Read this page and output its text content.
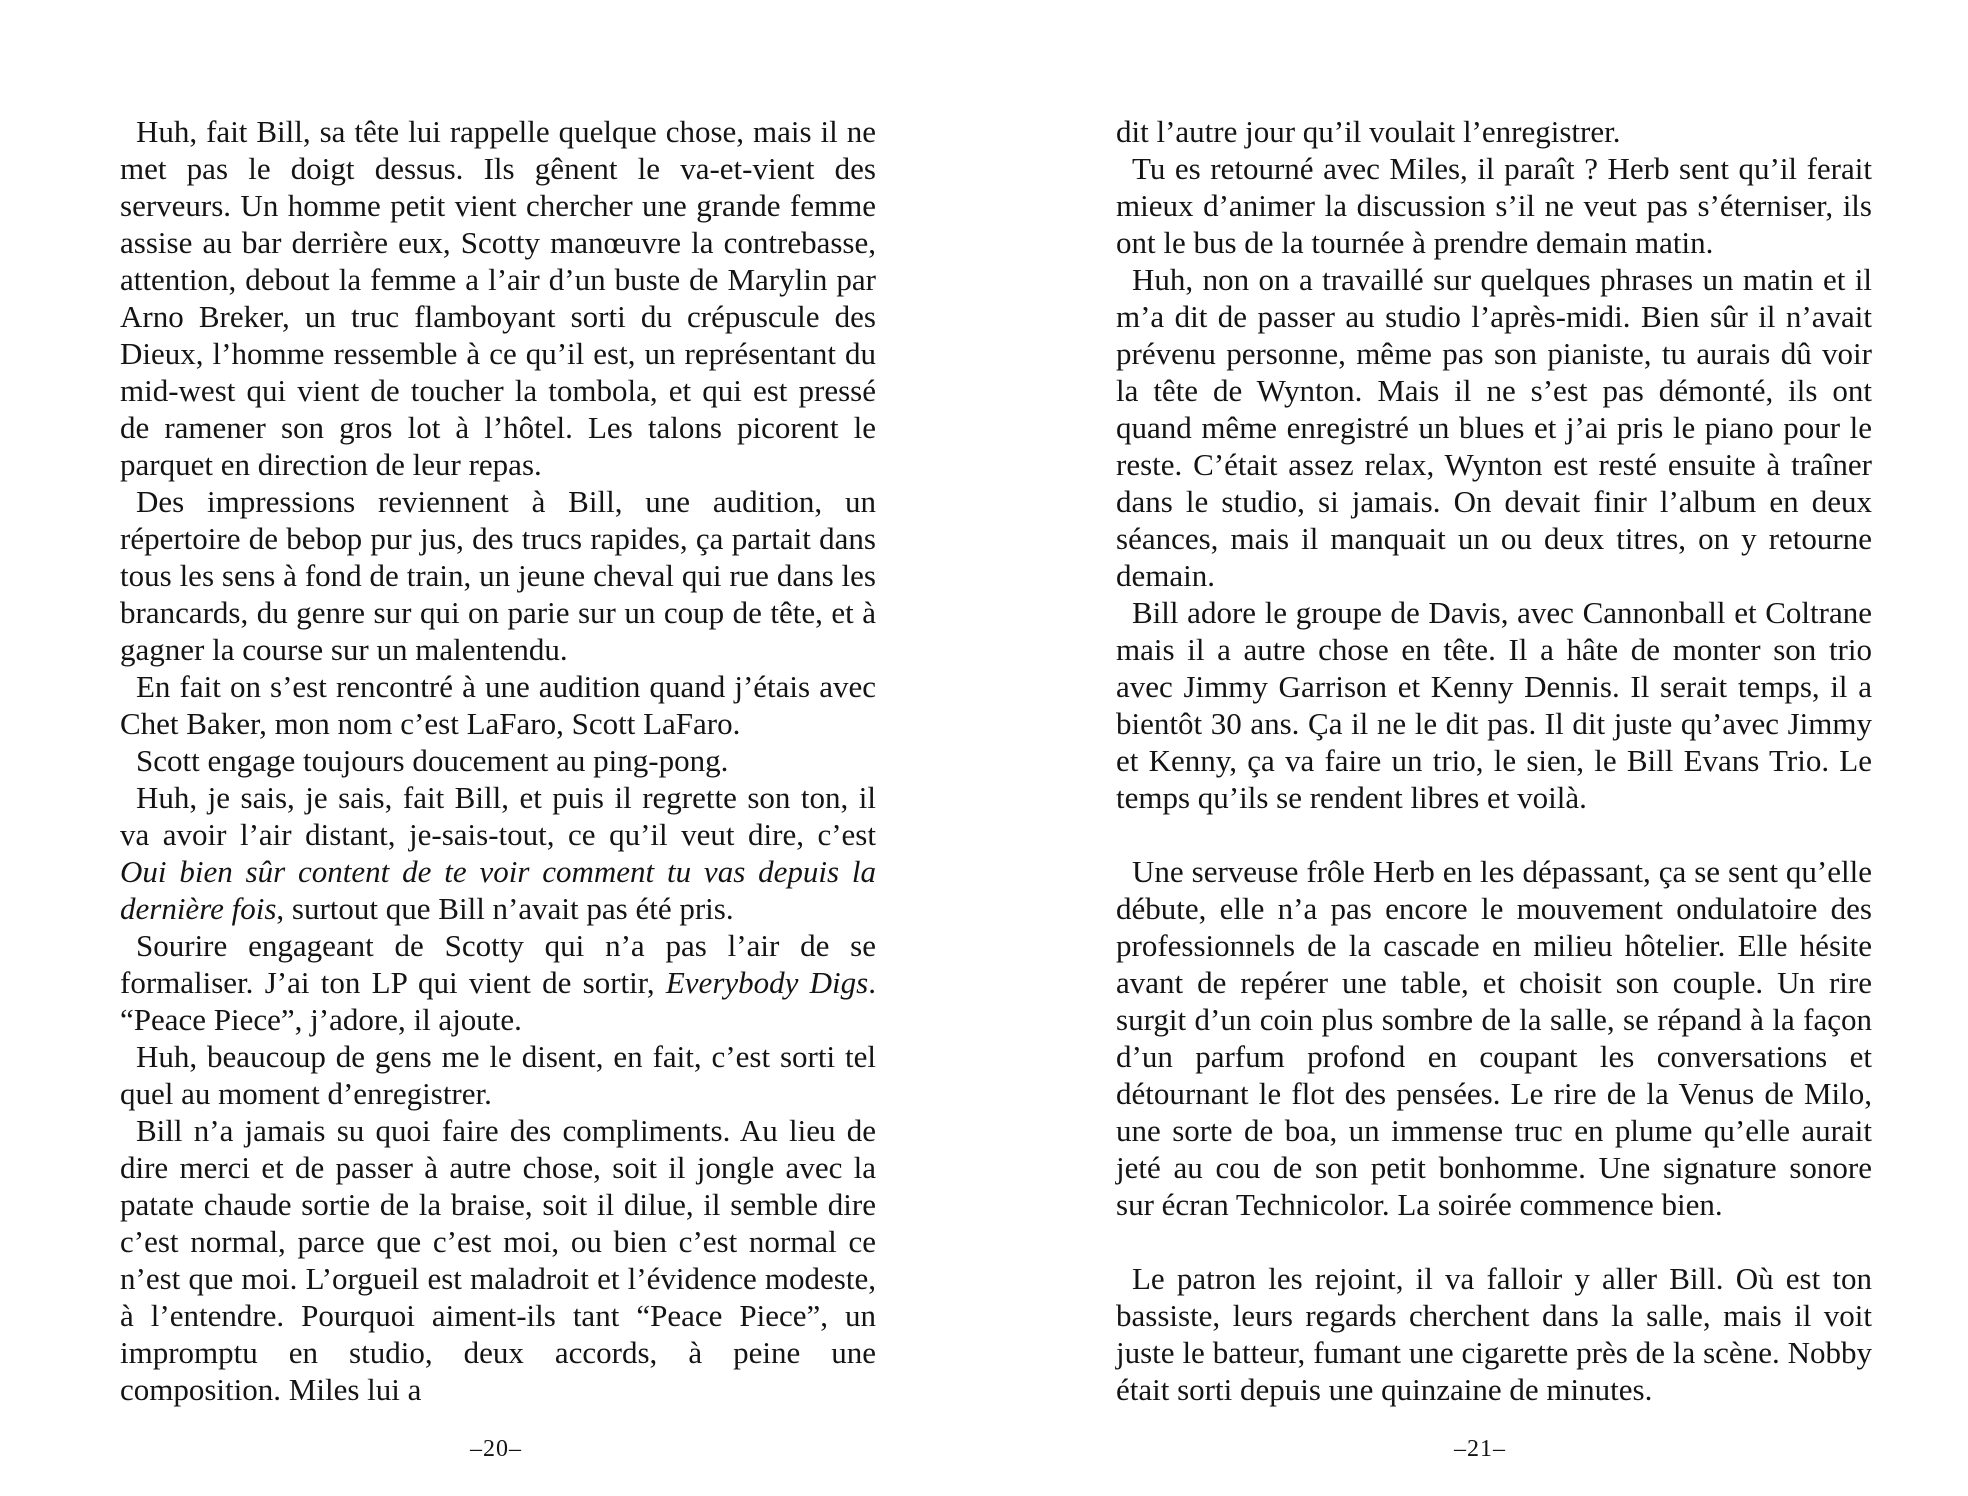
Huh, fait Bill, sa tête lui rappelle quelque chose, mais il ne met pas le doigt dessus. Ils gênent le va-et-vient des serveurs. Un homme petit vient chercher une grande femme assise au bar derrière eux, Scotty manœuvre la contrebasse, attention, debout la femme a l’air d’un buste de Marylin par Arno Breker, un truc flamboyant sorti du crépuscule des Dieux, l’homme ressemble à ce qu’il est, un représentant du mid-west qui vient de toucher la tombola, et qui est pressé de ramener son gros lot à l’hôtel. Les talons picorent le parquet en direction de leur repas.

Des impressions reviennent à Bill, une audition, un répertoire de bebop pur jus, des trucs rapides, ça partait dans tous les sens à fond de train, un jeune cheval qui rue dans les brancards, du genre sur qui on parie sur un coup de tête, et à gagner la course sur un malentendu.

En fait on s’est rencontré à une audition quand j’étais avec Chet Baker, mon nom c’est LaFaro, Scott LaFaro.

Scott engage toujours doucement au ping-pong.

Huh, je sais, je sais, fait Bill, et puis il regrette son ton, il va avoir l’air distant, je-sais-tout, ce qu’il veut dire, c’est Oui bien sûr content de te voir comment tu vas depuis la dernière fois, surtout que Bill n’avait pas été pris.

Sourire engageant de Scotty qui n’a pas l’air de se formaliser. J’ai ton LP qui vient de sortir, Everybody Digs. “Peace Piece”, j’adore, il ajoute.

Huh, beaucoup de gens me le disent, en fait, c’est sorti tel quel au moment d’enregistrer.

Bill n’a jamais su quoi faire des compliments. Au lieu de dire merci et de passer à autre chose, soit il jongle avec la patate chaude sortie de la braise, soit il dilue, il semble dire c’est normal, parce que c’est moi, ou bien c’est normal ce n’est que moi. L’orgueil est maladroit et l’évidence modeste, à l’entendre. Pourquoi aiment-ils tant “Peace Piece”, un impromptu en studio, deux accords, à peine une composition. Miles lui a

–20–

dit l’autre jour qu’il voulait l’enregistrer.

Tu es retourné avec Miles, il paraît ? Herb sent qu’il ferait mieux d’animer la discussion s’il ne veut pas s’éterniser, ils ont le bus de la tournée à prendre demain matin.

Huh, non on a travaillé sur quelques phrases un matin et il m’a dit de passer au studio l’après-midi. Bien sûr il n’avait prévenu personne, même pas son pianiste, tu aurais dû voir la tête de Wynton. Mais il ne s’est pas démonté, ils ont quand même enregistré un blues et j’ai pris le piano pour le reste. C’était assez relax, Wynton est resté ensuite à traîner dans le studio, si jamais. On devait finir l’album en deux séances, mais il manquait un ou deux titres, on y retourne demain.

Bill adore le groupe de Davis, avec Cannonball et Coltrane mais il a autre chose en tête. Il a hâte de monter son trio avec Jimmy Garrison et Kenny Dennis. Il serait temps, il a bientôt 30 ans. Ça il ne le dit pas. Il dit juste qu’avec Jimmy et Kenny, ça va faire un trio, le sien, le Bill Evans Trio. Le temps qu’ils se rendent libres et voilà.

Une serveuse frôle Herb en les dépassant, ça se sent qu’elle débute, elle n’a pas encore le mouvement ondulatoire des professionnels de la cascade en milieu hôtelier. Elle hésite avant de repérer une table, et choisit son couple. Un rire surgit d’un coin plus sombre de la salle, se répand à la façon d’un parfum profond en coupant les conversations et détournant le flot des pensées. Le rire de la Venus de Milo, une sorte de boa, un immense truc en plume qu’elle aurait jeté au cou de son petit bonhomme. Une signature sonore sur écran Technicolor. La soirée commence bien.

Le patron les rejoint, il va falloir y aller Bill. Où est ton bassiste, leurs regards cherchent dans la salle, mais il voit juste le batteur, fumant une cigarette près de la scène. Nobby était sorti depuis une quinzaine de minutes.

–21–
